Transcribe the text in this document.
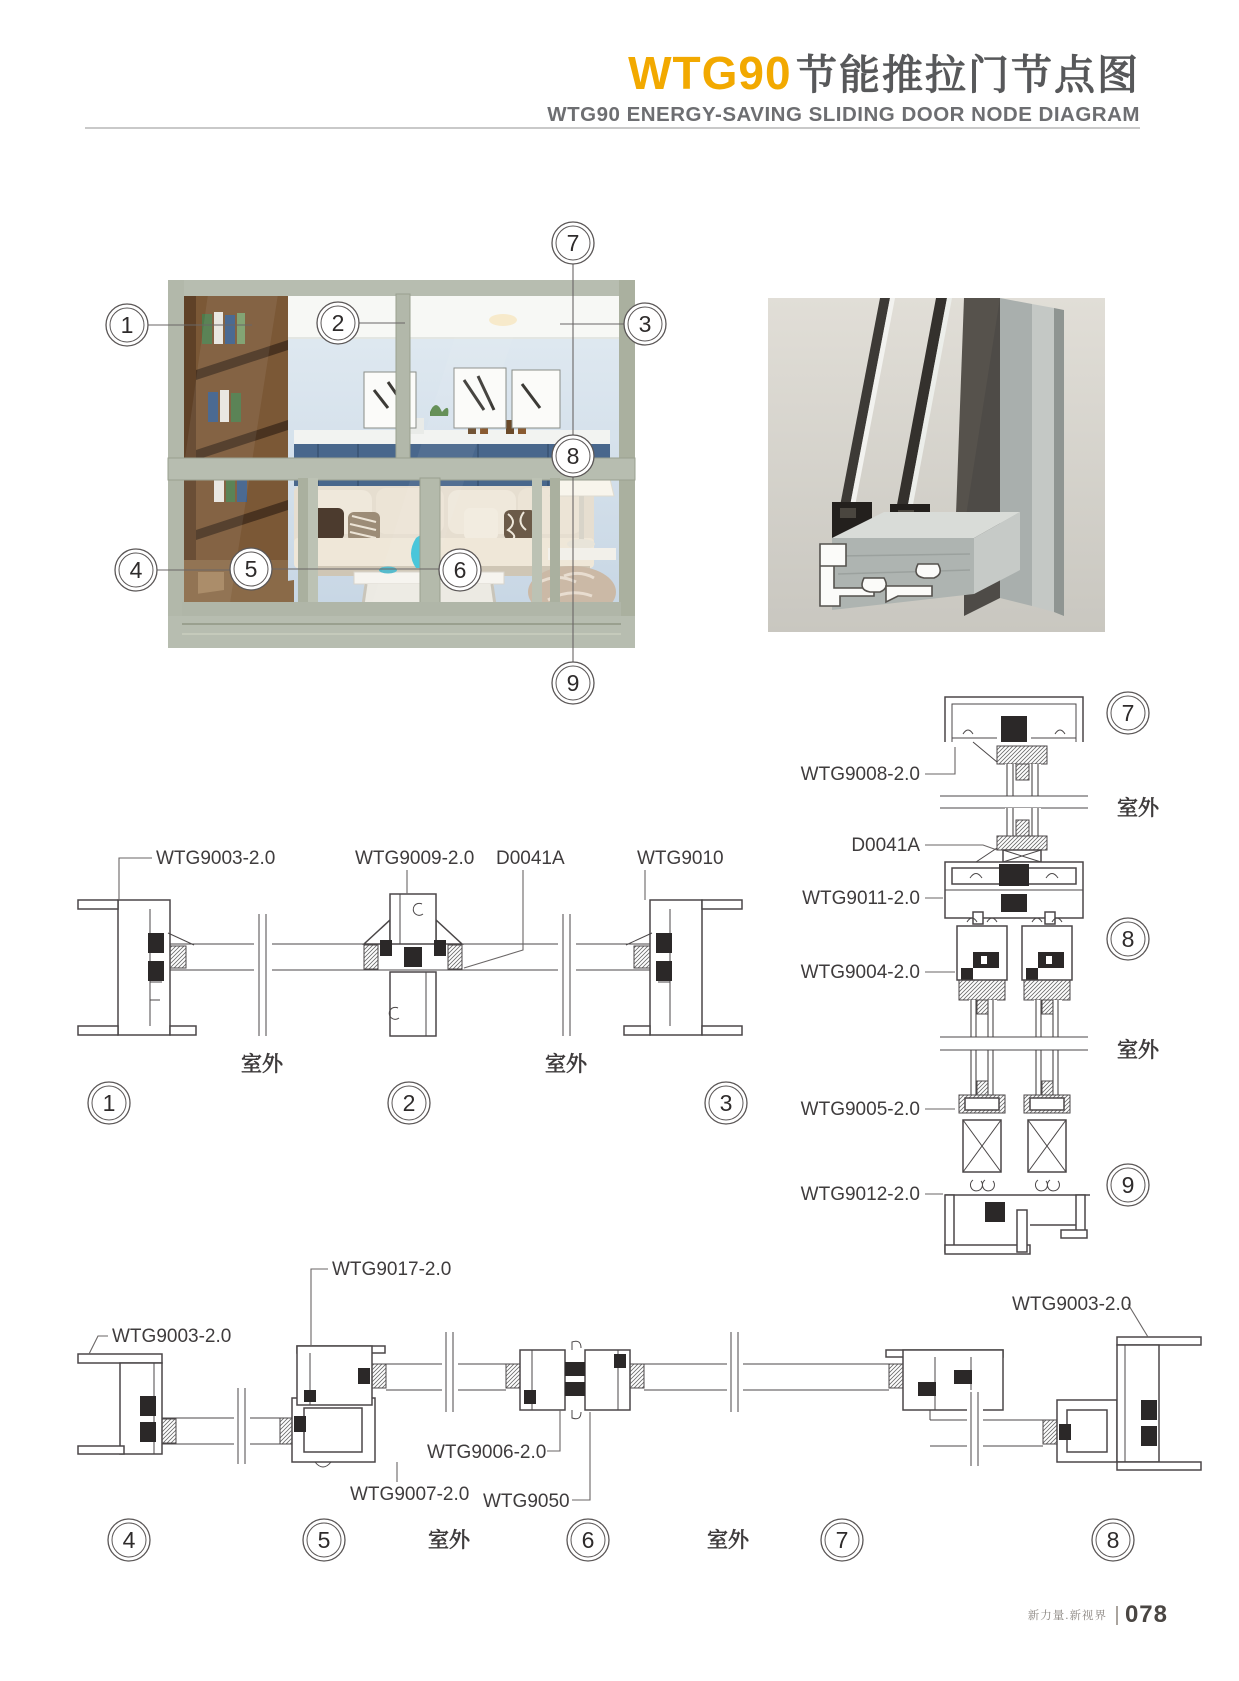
WTG90 节能推拉门节点图
WTG90 ENERGY-SAVING SLIDING DOOR NODE DIAGRAM
1	2	3
7
8
4	5	6
9
WTG9003-2.0	WTG9009-2.0 D0041A	WTG9010
室外	室外
1	2	3
WTG9008-2.0
D0041A
WTG9011-2.0
WTG9004-2.0
WTG9005-2.0
WTG9012-2.0
室外
室外
7
8
9
WTG9017-2.0
WTG9003-2.0
WTG9003-2.0
WTG9006-2.0
WTG9007-2.0 WTG9050
室外	室外
4	5	6	7	8
新力量.新视界 078
